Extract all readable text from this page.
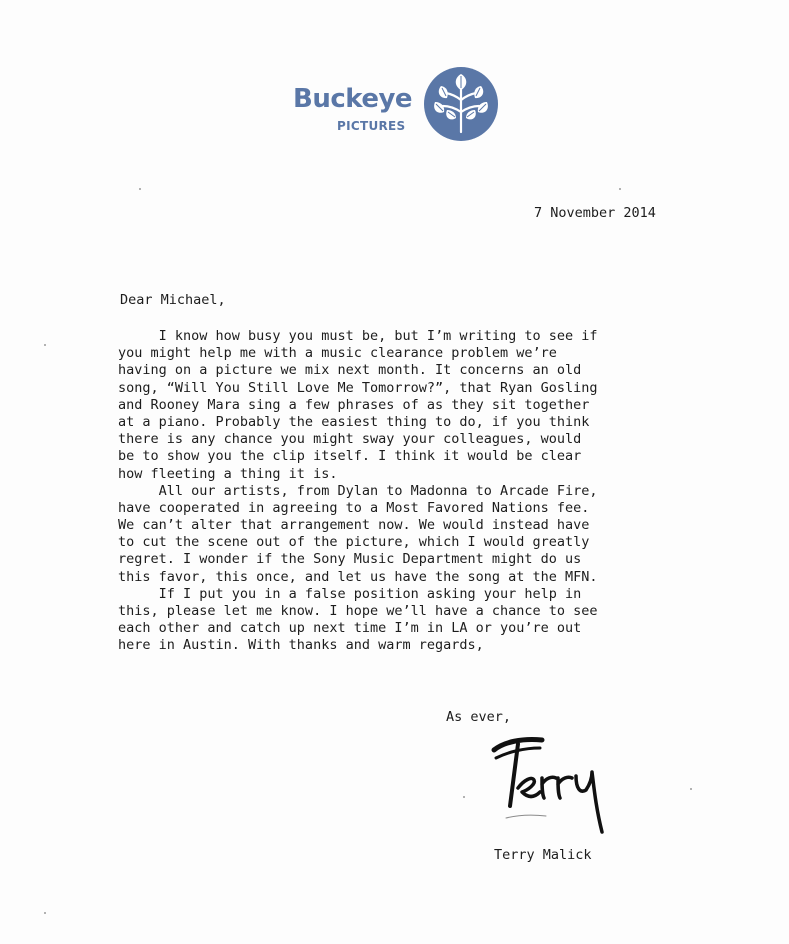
Buckeye
PICTURES
7 November 2014
Dear Michael,
I know how busy you must be, but I’m writing to see if
you might help me with a music clearance problem we’re
having on a picture we mix next month. It concerns an old
song, “Will You Still Love Me Tomorrow?”, that Ryan Gosling
and Rooney Mara sing a few phrases of as they sit together
at a piano. Probably the easiest thing to do, if you think
there is any chance you might sway your colleagues, would
be to show you the clip itself. I think it would be clear
how fleeting a thing it is.
All our artists, from Dylan to Madonna to Arcade Fire,
have cooperated in agreeing to a Most Favored Nations fee.
We can’t alter that arrangement now. We would instead have
to cut the scene out of the picture, which I would greatly
regret. I wonder if the Sony Music Department might do us
this favor, this once, and let us have the song at the MFN.
If I put you in a false position asking your help in
this, please let me know. I hope we’ll have a chance to see
each other and catch up next time I’m in LA or you’re out
here in Austin. With thanks and warm regards,
As ever,
Terry Malick
